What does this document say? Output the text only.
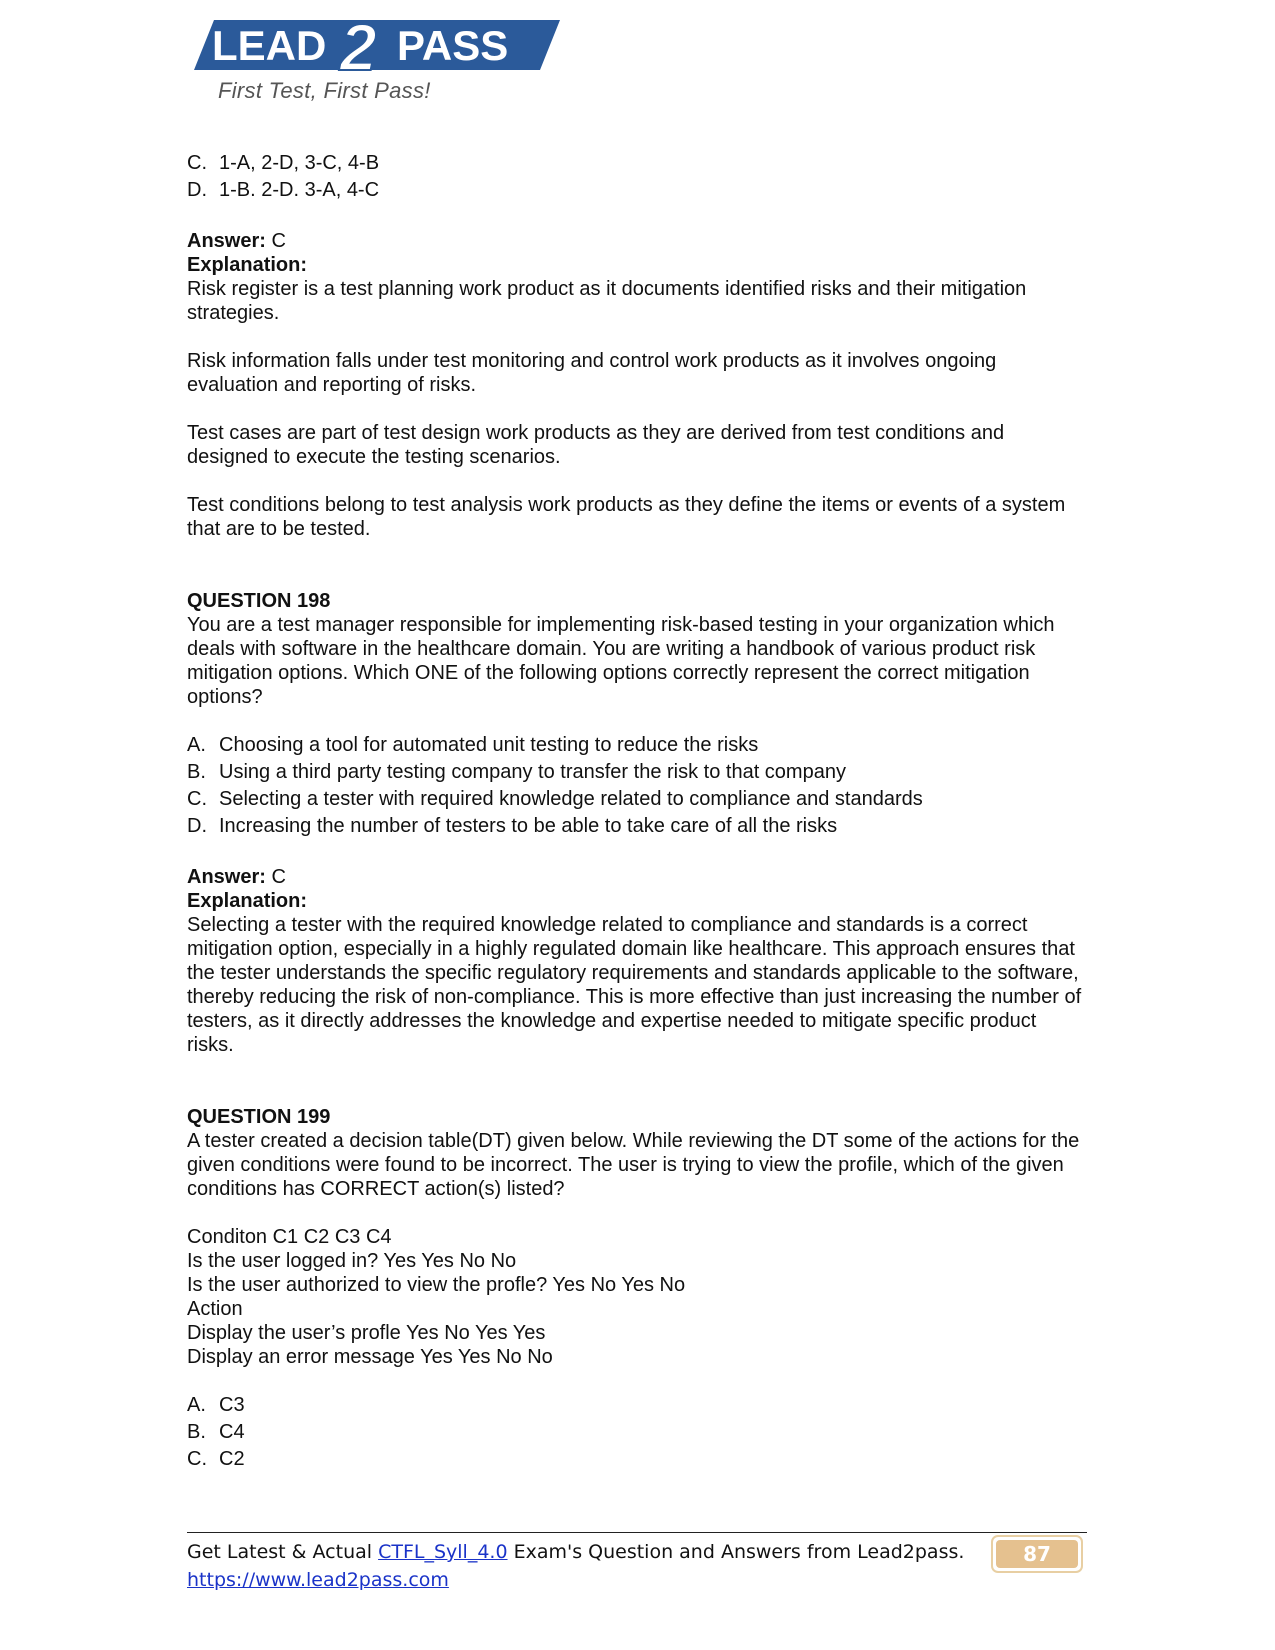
LEAD 2 PASS
First Test, First Pass!
C. 1-A, 2-D, 3-C, 4-B
D. 1-B. 2-D. 3-A, 4-C

Answer: C

Explanation:

Risk register is a test planning work product as it documents identified risks and their mitigation strategies.

Risk information falls under test monitoring and control work products as it involves ongoing evaluation and reporting of risks.

Test cases are part of test design work products as they are derived from test conditions and designed to execute the testing scenarios.

Test conditions belong to test analysis work products as they define the items or events of a system that are to be tested.

QUESTION 198

You are a test manager responsible for implementing risk-based testing in your organization which deals with software in the healthcare domain. You are writing a handbook of various product risk mitigation options. Which ONE of the following options correctly represent the correct mitigation options?

A. Choosing a tool for automated unit testing to reduce the risks
B. Using a third party testing company to transfer the risk to that company
C. Selecting a tester with required knowledge related to compliance and standards
D. Increasing the number of testers to be able to take care of all the risks

Answer: C

Explanation:

Selecting a tester with the required knowledge related to compliance and standards is a correct mitigation option, especially in a highly regulated domain like healthcare. This approach ensures that the tester understands the specific regulatory requirements and standards applicable to the software, thereby reducing the risk of non-compliance. This is more effective than just increasing the number of testers, as it directly addresses the knowledge and expertise needed to mitigate specific product risks.

QUESTION 199

A tester created a decision table(DT) given below. While reviewing the DT some of the actions for the given conditions were found to be incorrect. The user is trying to view the profile, which of the given conditions has CORRECT action(s) listed?

Conditon C1 C2 C3 C4

Is the user logged in? Yes Yes No No

Is the user authorized to view the profle? Yes No Yes No

Action

Display the user’s profle Yes No Yes Yes

Display an error message Yes Yes No No

A. C3
B. C4
C. C2
Get Latest & Actual CTFL_Syll_4.0 Exam's Question and Answers from Lead2pass.
https://www.lead2pass.com
87
